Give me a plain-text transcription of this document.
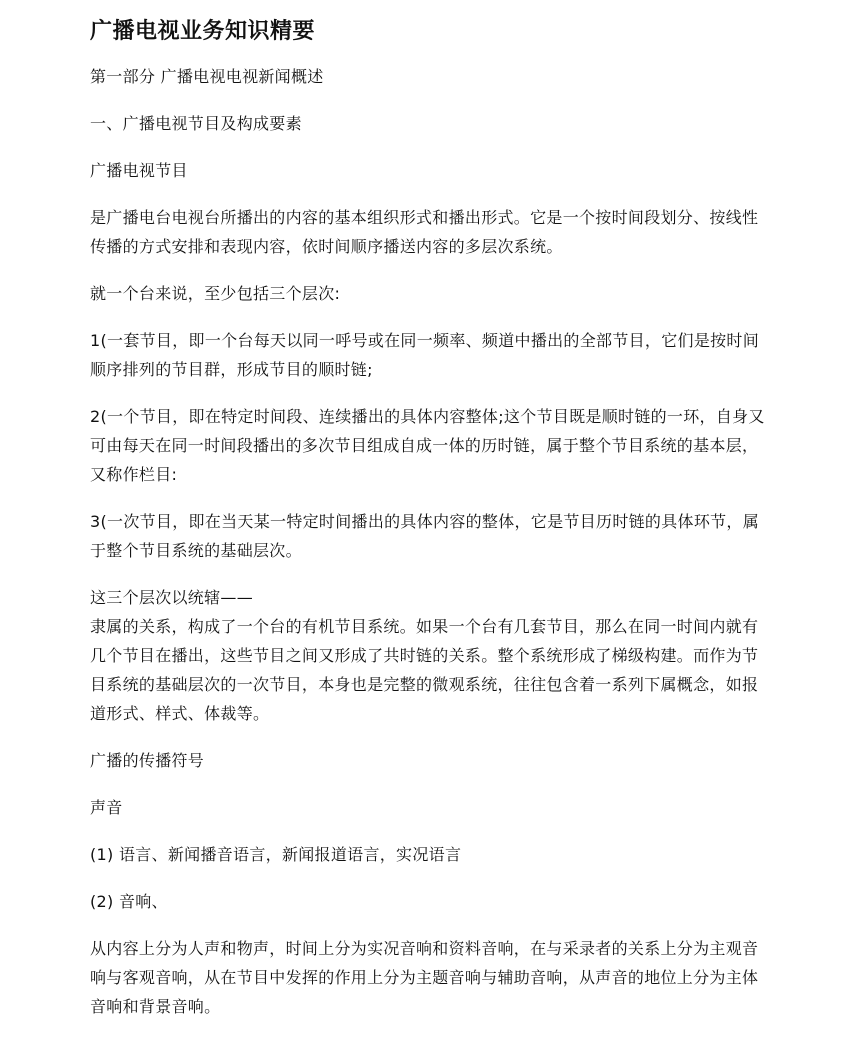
广播电视业务知识精要
第一部分 广播电视电视新闻概述
一、广播电视节目及构成要素
广播电视节目
是广播电台电视台所播出的内容的基本组织形式和播出形式。它是一个按时间段划分、按线性传播的方式安排和表现内容，依时间顺序播送内容的多层次系统。
就一个台来说，至少包括三个层次:
1(一套节目，即一个台每天以同一呼号或在同一频率、频道中播出的全部节目，它们是按时间顺序排列的节目群，形成节目的顺时链;
2(一个节目，即在特定时间段、连续播出的具体内容整体;这个节目既是顺时链的一环，自身又可由每天在同一时间段播出的多次节目组成自成一体的历时链，属于整个节目系统的基本层，又称作栏目:
3(一次节目，即在当天某一特定时间播出的具体内容的整体，它是节目历时链的具体环节，属于整个节目系统的基础层次。
这三个层次以统辖——
隶属的关系，构成了一个台的有机节目系统。如果一个台有几套节目，那么在同一时间内就有几个节目在播出，这些节目之间又形成了共时链的关系。整个系统形成了梯级构建。而作为节目系统的基础层次的一次节目，本身也是完整的微观系统，往往包含着一系列下属概念，如报道形式、样式、体裁等。
广播的传播符号
声音
(1) 语言、新闻播音语言，新闻报道语言，实况语言
(2) 音响、
从内容上分为人声和物声，时间上分为实况音响和资料音响，在与采录者的关系上分为主观音响与客观音响，从在节目中发挥的作用上分为主题音响与辅助音响，从声音的地位上分为主体音响和背景音响。
